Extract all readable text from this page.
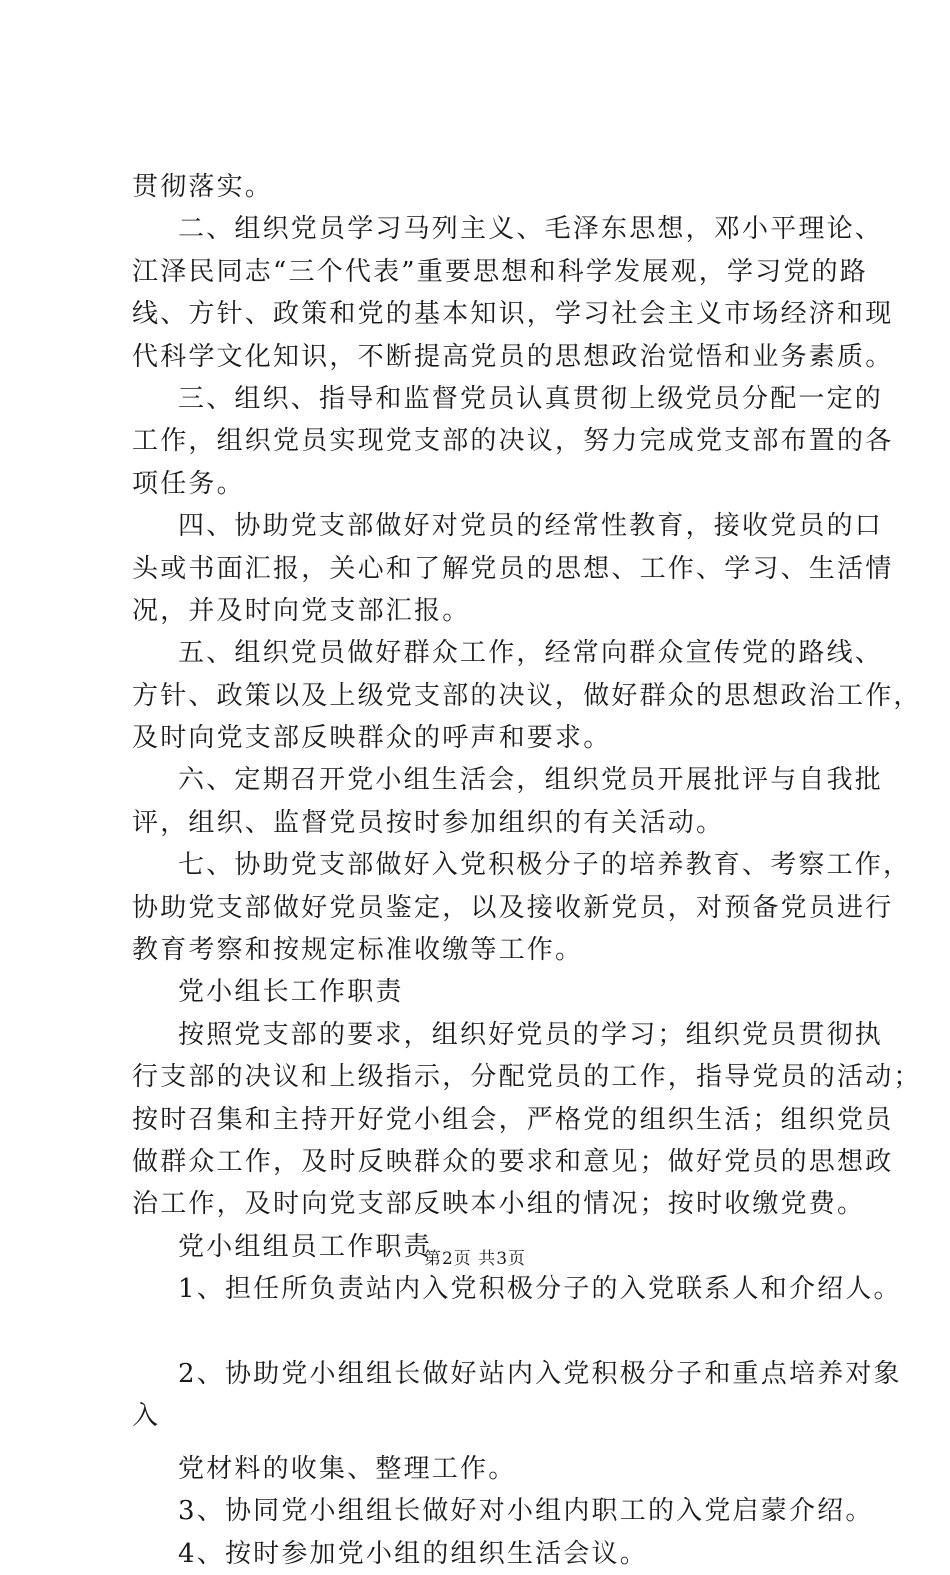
贯彻落实。
二、组织党员学习马列主义、毛泽东思想，邓小平理论、
江泽民同志“三个代表”重要思想和科学发展观，学习党的路
线、方针、政策和党的基本知识，学习社会主义市场经济和现
代科学文化知识，不断提高党员的思想政治觉悟和业务素质。
三、组织、指导和监督党员认真贯彻上级党员分配一定的
工作，组织党员实现党支部的决议，努力完成党支部布置的各
项任务。
四、协助党支部做好对党员的经常性教育，接收党员的口
头或书面汇报，关心和了解党员的思想、工作、学习、生活情
况，并及时向党支部汇报。
五、组织党员做好群众工作，经常向群众宣传党的路线、
方针、政策以及上级党支部的决议，做好群众的思想政治工作，
及时向党支部反映群众的呼声和要求。
六、定期召开党小组生活会，组织党员开展批评与自我批
评，组织、监督党员按时参加组织的有关活动。
七、协助党支部做好入党积极分子的培养教育、考察工作，
协助党支部做好党员鉴定，以及接收新党员，对预备党员进行
教育考察和按规定标准收缴等工作。
党小组长工作职责
按照党支部的要求，组织好党员的学习；组织党员贯彻执
行支部的决议和上级指示，分配党员的工作，指导党员的活动；
按时召集和主持开好党小组会，严格党的组织生活；组织党员
做群众工作，及时反映群众的要求和意见；做好党员的思想政
治工作，及时向党支部反映本小组的情况；按时收缴党费。
党小组组员工作职责
1、担任所负责站内入党积极分子的入党联系人和介绍人。
2、协助党小组组长做好站内入党积极分子和重点培养对象
入
党材料的收集、整理工作。
3、协同党小组组长做好对小组内职工的入党启蒙介绍。
4、按时参加党小组的组织生活会议。
第2页 共3页
